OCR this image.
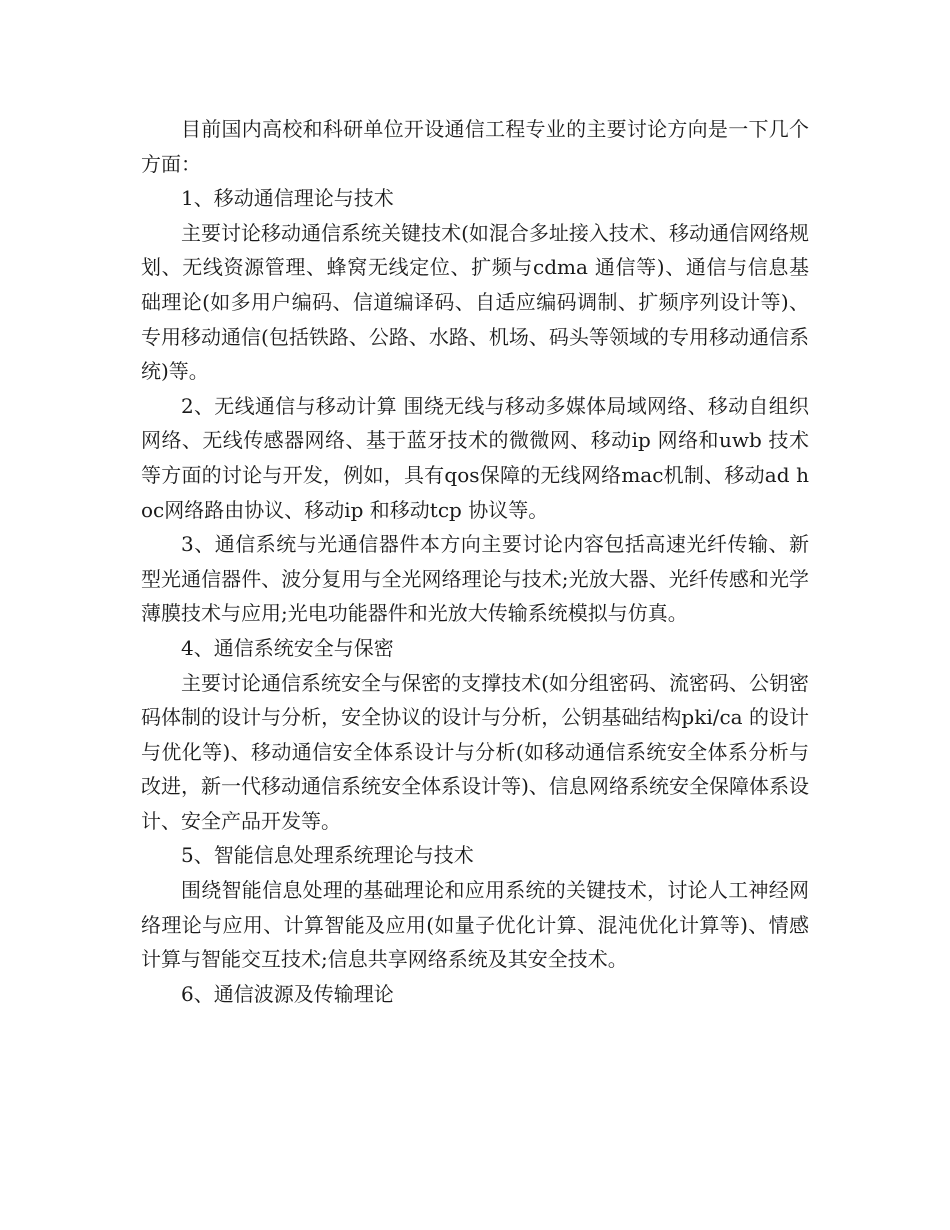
目前国内高校和科研单位开设通信工程专业的主要讨论方向是一下几个方面：

1、移动通信理论与技术

主要讨论移动通信系统关键技术(如混合多址接入技术、移动通信网络规划、无线资源管理、蜂窝无线定位、扩频与cdma 通信等)、通信与信息基础理论(如多用户编码、信道编译码、自适应编码调制、扩频序列设计等)、专用移动通信(包括铁路、公路、水路、机场、码头等领域的专用移动通信系统)等。

2、无线通信与移动计算 围绕无线与移动多媒体局域网络、移动自组织网络、无线传感器网络、基于蓝牙技术的微微网、移动ip 网络和uwb 技术等方面的讨论与开发，例如，具有qos保障的无线网络mac机制、移动ad hoc网络路由协议、移动ip 和移动tcp 协议等。

3、通信系统与光通信器件本方向主要讨论内容包括高速光纤传输、新型光通信器件、波分复用与全光网络理论与技术;光放大器、光纤传感和光学薄膜技术与应用;光电功能器件和光放大传输系统模拟与仿真。

4、通信系统安全与保密

主要讨论通信系统安全与保密的支撑技术(如分组密码、流密码、公钥密码体制的设计与分析，安全协议的设计与分析，公钥基础结构pki/ca 的设计与优化等)、移动通信安全体系设计与分析(如移动通信系统安全体系分析与改进，新一代移动通信系统安全体系设计等)、信息网络系统安全保障体系设计、安全产品开发等。

5、智能信息处理系统理论与技术

围绕智能信息处理的基础理论和应用系统的关键技术，讨论人工神经网络理论与应用、计算智能及应用(如量子优化计算、混沌优化计算等)、情感计算与智能交互技术;信息共享网络系统及其安全技术。

6、通信波源及传输理论
